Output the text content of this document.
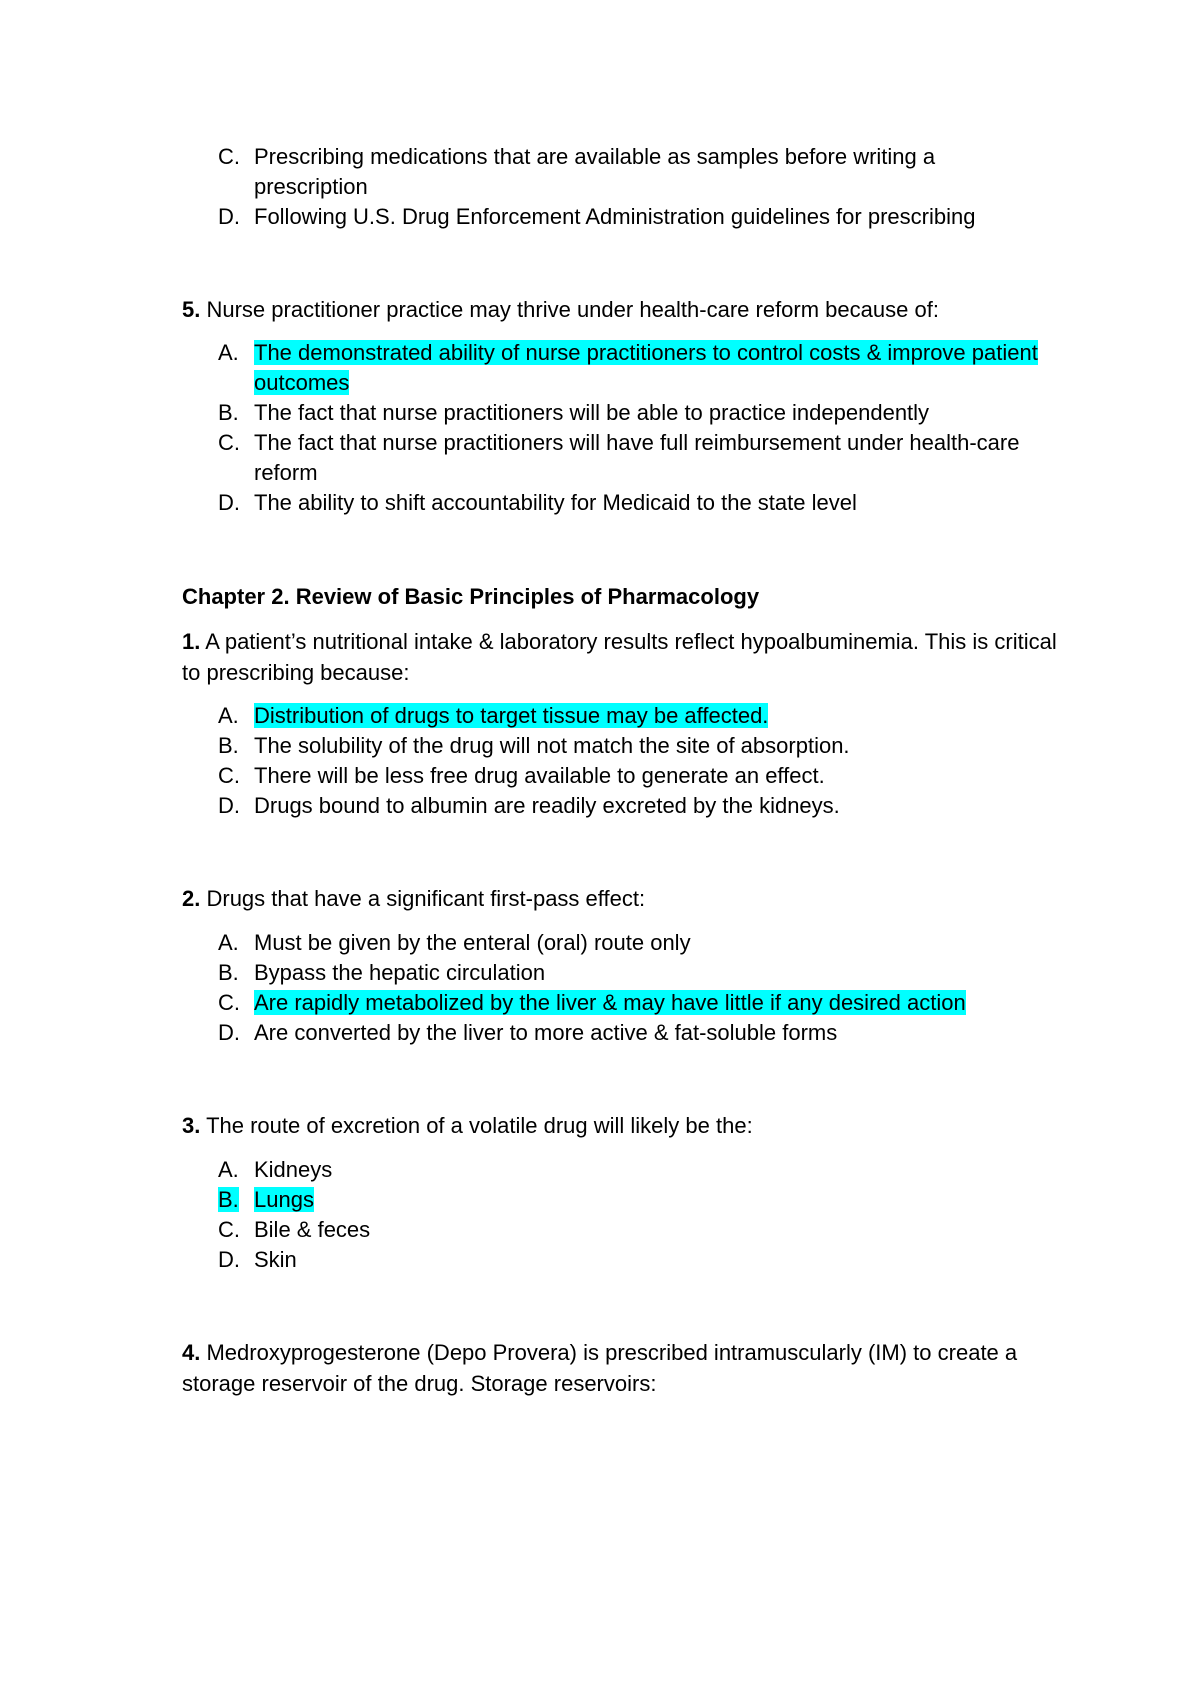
C. Prescribing medications that are available as samples before writing a prescription
D. Following U.S. Drug Enforcement Administration guidelines for prescribing
5. Nurse practitioner practice may thrive under health-care reform because of:
A. The demonstrated ability of nurse practitioners to control costs & improve patient outcomes
B. The fact that nurse practitioners will be able to practice independently
C. The fact that nurse practitioners will have full reimbursement under health-care reform
D. The ability to shift accountability for Medicaid to the state level
Chapter 2. Review of Basic Principles of Pharmacology
1. A patient’s nutritional intake & laboratory results reflect hypoalbuminemia. This is critical to prescribing because:
A. Distribution of drugs to target tissue may be affected.
B. The solubility of the drug will not match the site of absorption.
C. There will be less free drug available to generate an effect.
D. Drugs bound to albumin are readily excreted by the kidneys.
2. Drugs that have a significant first-pass effect:
A. Must be given by the enteral (oral) route only
B. Bypass the hepatic circulation
C. Are rapidly metabolized by the liver & may have little if any desired action
D. Are converted by the liver to more active & fat-soluble forms
3. The route of excretion of a volatile drug will likely be the:
A. Kidneys
B. Lungs
C. Bile & feces
D. Skin
4. Medroxyprogesterone (Depo Provera) is prescribed intramuscularly (IM) to create a storage reservoir of the drug. Storage reservoirs:
